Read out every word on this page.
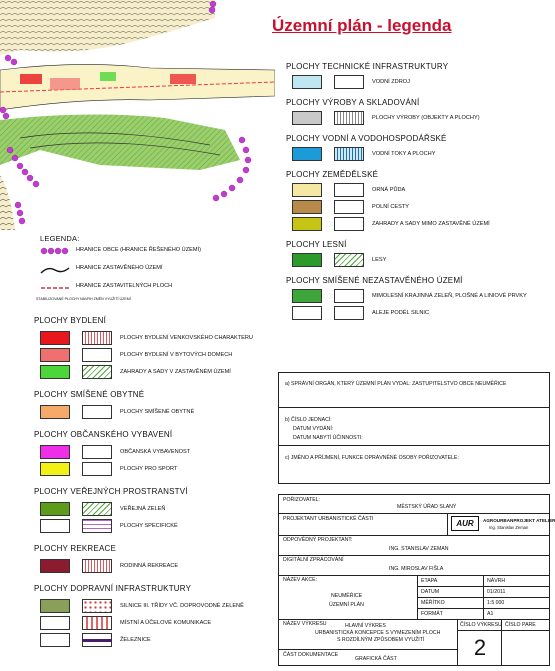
Územní plán - legenda
LEGENDA:
HRANICE OBCE (HRANICE ŘEŠENÉHO ÚZEMÍ)
HRANICE ZASTAVĚNÉHO ÚZEMÍ
HRANICE ZASTAVITELNÝCH PLOCH
STABILIZOVANÉ PLOCHY NÁVRH ZMĚN VYUŽITÍ ÚZEMÍ
PLOCHY BYDLENÍ
PLOCHY BYDLENÍ VENKOVSKÉHO CHARAKTERU
PLOCHY BYDLENÍ V BYTOVÝCH DOMECH
ZAHRADY A SADY V ZASTAVĚNÉM ÚZEMÍ
PLOCHY SMÍŠENÉ OBYTNÉ
PLOCHY SMÍŠENÉ OBYTNÉ
PLOCHY OBČANSKÉHO VYBAVENÍ
OBČANSKÁ VYBAVENOST
PLOCHY PRO SPORT
PLOCHY VEŘEJNÝCH PROSTRANSTVÍ
VEŘEJNÁ ZELEŇ
PLOCHY SPECIFICKÉ
PLOCHY REKREACE
RODINNÁ REKREACE
PLOCHY DOPRAVNÍ INFRASTRUKTURY
SILNICE III. TŘÍDY VČ. DOPROVODNÉ ZELENĚ
MÍSTNÍ A ÚČELOVÉ KOMUNIKACE
ŽELEZNICE
PLOCHY TECHNICKÉ INFRASTRUKTURY
VODNÍ ZDROJ
PLOCHY VÝROBY A SKLADOVÁNÍ
PLOCHY VÝROBY (OBJEKTY A PLOCHY)
PLOCHY VODNÍ A VODOHOSPODÁŘSKÉ
VODNÍ TOKY A PLOCHY
PLOCHY ZEMĚDĚLSKÉ
ORNÁ PŮDA
POLNÍ CESTY
ZAHRADY A SADY MIMO ZASTAVĚNÉ ÚZEMÍ
PLOCHY LESNÍ
LESY
PLOCHY SMÍŠENÉ NEZASTAVĚNÉHO ÚZEMÍ
MIMOLESNÍ KRAJINNÁ ZELEŇ, PLOŠNÉ A LINIOVÉ PRVKY
ALEJE PODÉL SILNIC
a) SPRÁVNÍ ORGÁN, KTERÝ ÚZEMNÍ PLÁN VYDAL: ZASTUPITELSTVO OBCE NEUMĚŘICE
b) ČÍSLO JEDNACÍ:
DATUM VYDÁNÍ:
DATUM NABYTÍ ÚČINNOSTI:
c) JMÉNO A PŘÍJMENÍ, FUNKCE OPRÁVNĚNÉ OSOBY POŘIZOVATELE:
POŘIZOVATEL:
MĚSTSKÝ ÚŘAD SLANÝ
PROJEKTANT URBANISTICKÉ ČÁSTI	AUR	AGROURBANPROJEKT ATELIER
Ing. Stanislav Zeman
ODPOVĚDNÝ PROJEKTANT:
ING. STANISLAV ZEMAN
DIGITÁLNÍ ZPRACOVÁNÍ
ING. MIROSLAV FIŠLA
NÁZEV AKCE:
NEUMĚŘICE
ÚZEMNÍ PLÁN
ETAPA	NÁVRH
DATUM	01/2011
MĚŘÍTKO	1:5 000
FORMÁT	A1
NÁZEV VÝKRESU	HLAVNÍ VÝKRES
URBANISTICKÁ KONCEPCE S VYMEZENÍM PLOCH
S ROZDÍLNÝM ZPŮSOBEM VYUŽITÍ
ČÍSLO VÝKRESU
2
ČÍSLO PARE
ČÁST DOKUMENTACE
GRAFICKÁ ČÁST
